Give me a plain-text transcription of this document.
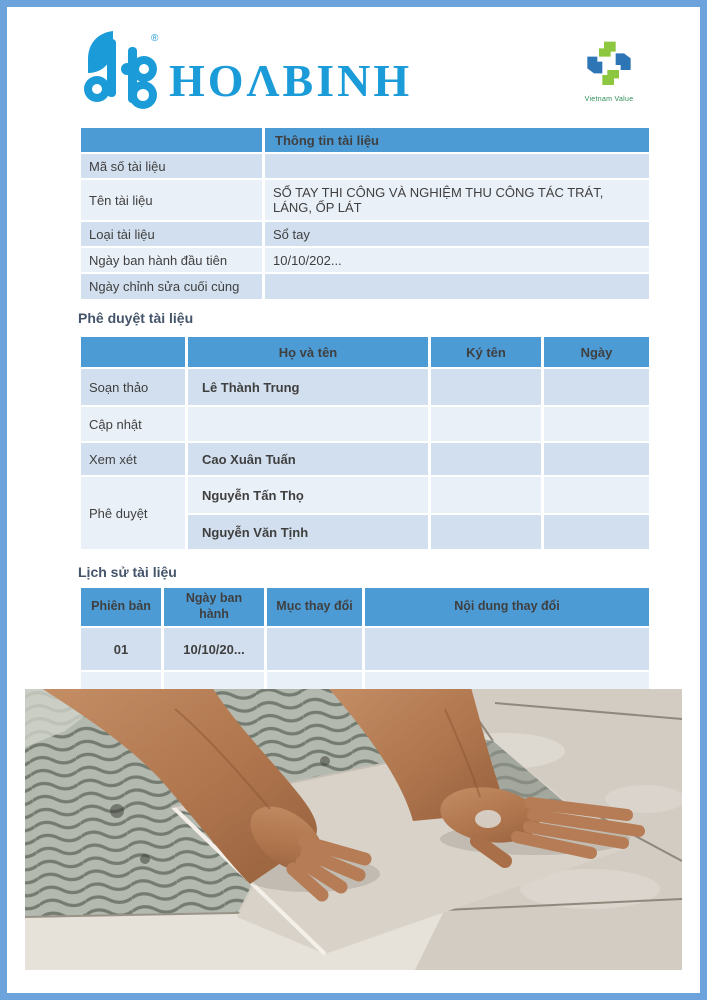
®
HOΛBINH	Vietnam Value
	Thông tin tài liệu
Mã số tài liệu	
Tên tài liệu	SỔ TAY THI CÔNG VÀ NGHIỆM THU CÔNG TÁC TRÁT, LÁNG, ỐP LÁT
Loại tài liệu	Sổ tay
Ngày ban hành đầu tiên	10/10/202...
Ngày chỉnh sửa cuối cùng	
Phê duyệt tài liệu
	Họ và tên	Ký tên	Ngày
Soạn thảo	Lê Thành Trung		
Cập nhật			
Xem xét	Cao Xuân Tuấn		
Phê duyệt	Nguyễn Tấn Thọ		
	Nguyễn Văn Tịnh		
Lịch sử tài liệu
Phiên bản	Ngày ban hành	Mục thay đổi	Nội dung thay đổi
01	10/10/20...		
